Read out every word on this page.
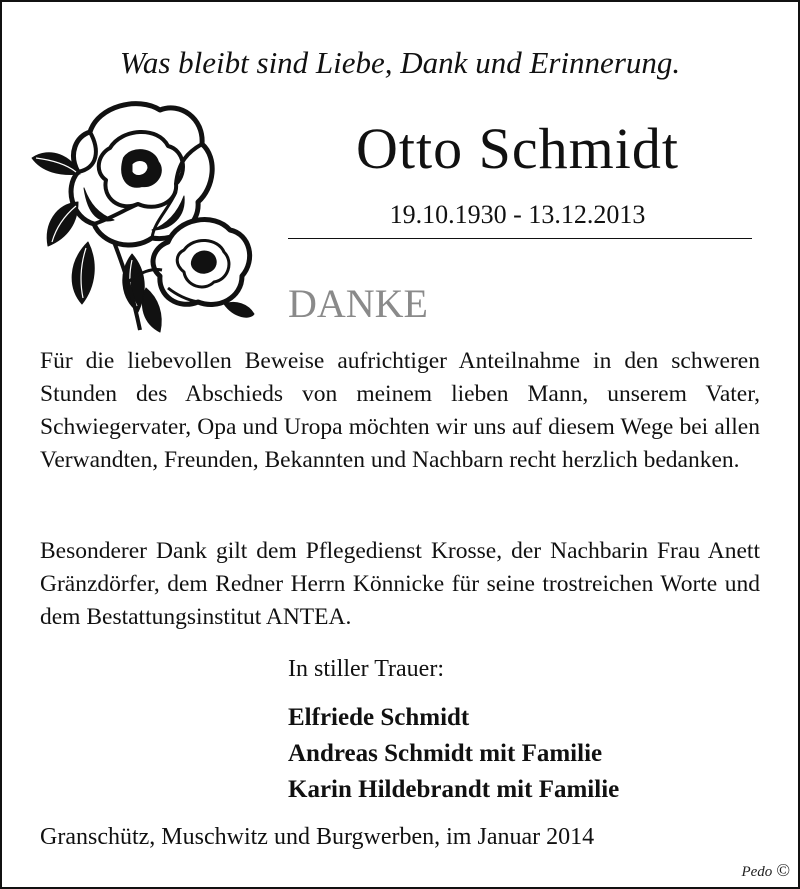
Was bleibt sind Liebe, Dank und Erinnerung.
Otto Schmidt
19.10.1930 - 13.12.2013
DANKE
Für die liebevollen Beweise aufrichtiger Anteilnahme in den schweren Stunden des Abschieds von meinem lieben Mann, unserem Vater, Schwiegervater, Opa und Uropa möchten wir uns auf diesem Wege bei allen Verwandten, Freunden, Bekannten und Nachbarn recht herzlich bedanken.
Besonderer Dank gilt dem Pflegedienst Krosse, der Nachbarin Frau Anett Gränzdörfer, dem Redner Herrn Könnicke für seine trostreichen Worte und dem Bestattungsinstitut ANTEA.
In stiller Trauer:
Elfriede Schmidt
Andreas Schmidt mit Familie
Karin Hildebrandt mit Familie
Granschütz, Muschwitz und Burgwerben, im Januar 2014
Pedo ©
